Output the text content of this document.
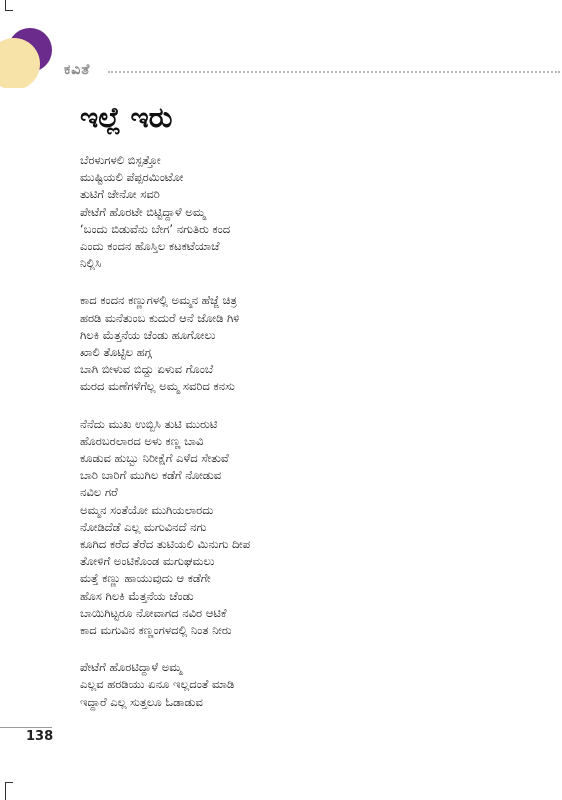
ಕವಿತೆ
ಇಲ್ಲೆ ಇರು
ಬೆರಳುಗಳಲಿ ಬಿಸ್ಪತ್ತೋ
ಮುಷ್ಟಿಯಲಿ ಪೆಪ್ಪರಮಿಂಟೋ
ತುಟಿಗೆ ಜೇನೋ ಸವರಿ
ಪೇಟೆಗೆ ಹೊರಟೇ ಬಿಟ್ಟಿದ್ದಾಳೆ ಅಮ್ಮ
‘ಬಂದು ಬಿಡುವೆನು ಬೇಗ’ ನಗುತಿರು ಕಂದ
ಎಂದು ಕಂದನ ಹೊಸ್ತಿಲ ಕಟಕಟೆಯಾಚೆ
ನಿಲ್ಲಿಸಿ
ಕಾದ ಕಂದನ ಕಣ್ಣುಗಳಲ್ಲಿ ಅಮ್ಮನ ಹೆಜ್ಜೆ ಚಿತ್ರ
ಹರಡಿ ಮನೆತುಂಬ ಕುದುರೆ ಆನೆ ಜೋಡಿ ಗಿಳಿ
ಗಿಲಕಿ ಮೆತ್ತನೆಯ ಚೆಂಡು ಹೂಗೋಲು
ಖಾಲಿ ತೊಟ್ಟಿಲ ಹಗ್ಗ
ಬಾಗಿ ಬೀಳುವ ಬಿದ್ದು ಏಳುವ ಗೊಂಬೆ
ಮರದ ಮಣೆಗಳೆಗೆಲ್ಲ ಅಮ್ಮ ಸವರಿದ ಕನಸು
ನೆನೆದು ಮುಖ ಉಬ್ಬಿಸಿ ತುಟಿ ಮುರುಟಿ
ಹೊರಬರಲಾರದ ಅಳು ಕಣ್ಣ ಬಾವಿ
ಕೂಡುವ ಹುಬ್ಬು ನಿರೀಕ್ಷೆಗೆ ಎಳೆದ ಸೇತುವೆ
ಬಾರಿ ಬಾರಿಗೆ ಮುಗಿಲ ಕಡೆಗೆ ನೋಡುವ
ನವಿಲ ಗರೆ
ಅಮ್ಮನ ಸಂತೆಯೋ ಮುಗಿಯಲಾರದು
ನೋಡಿದೆಡೆ ಎಲ್ಲ ಮಗುವಿನದೆ ನಗು
ಕೂಗಿದ ಕರೆದ ತೆರೆದ ತುಟಿಯಲಿ ಮಿನುಗು ದೀಪ
ತೋಳಿಗೆ ಅಂಟಿಕೊಂಡ ಮಗುಘಮಲು
ಮತ್ತೆ ಕಣ್ಣು ಹಾಯುವುದು ಆ ಕಡೆಗೇ
ಹೊಸ ಗಿಲಕಿ ಮೆತ್ತನೆಯ ಚೆಂಡು
ಬಾಯಿಗಿಟ್ಟರೂ ನೋವಾಗದ ನವಿರ ಆಟಿಕೆ
ಕಾದ ಮಗುವಿನ ಕಣ್ಣಂಗಳದಲ್ಲಿ ನಿಂತ ನೀರು
ಪೇಟೆಗೆ ಹೊರಟಿದ್ದಾಳೆ ಅಮ್ಮ
ಎಲ್ಲವ ಹರಡಿಯು ಏನೂ ಇಲ್ಲದಂತೆ ಮಾಡಿ
ಇದ್ದಾರೆ ಎಲ್ಲ ಸುತ್ತಲೂ ಓಡಾಡುವ
138
